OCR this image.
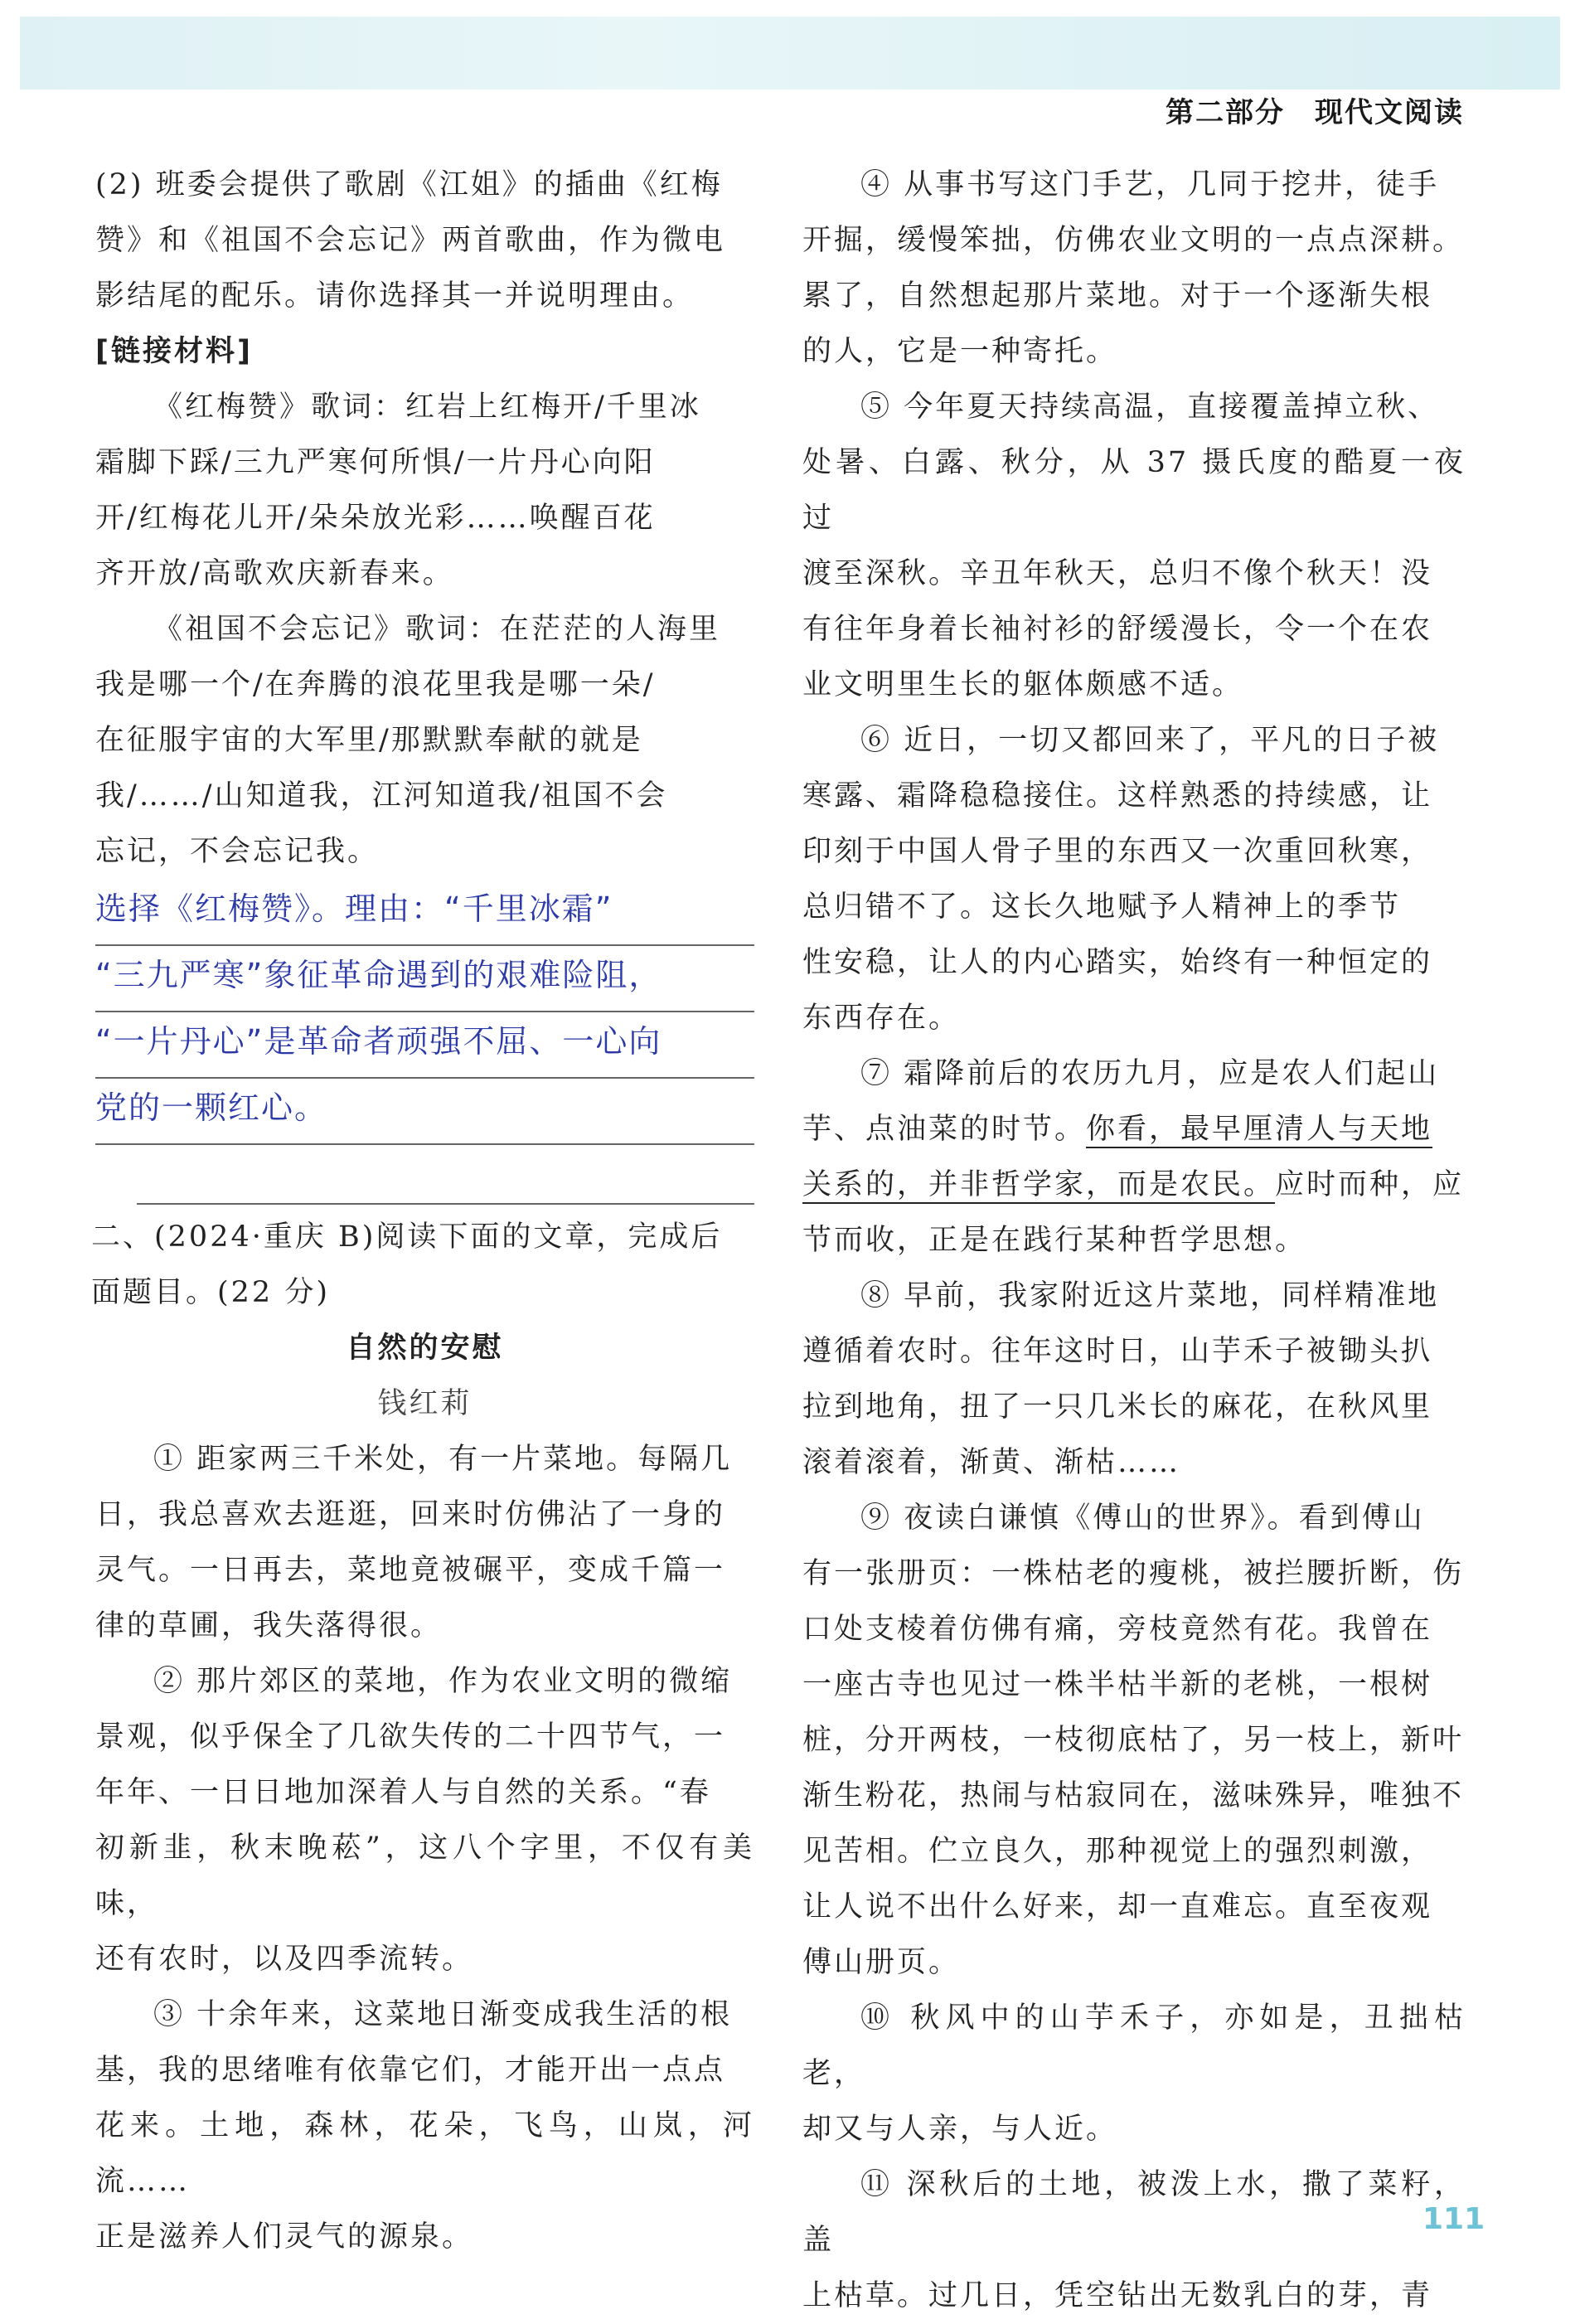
第二部分 现代文阅读

(2) 班委会提供了歌剧《江姐》的插曲《红梅

赞》和《祖国不会忘记》两首歌曲，作为微电

影结尾的配乐。请你选择其一并说明理由。

[链接材料]

《红梅赞》歌词：红岩上红梅开/千里冰

霜脚下踩/三九严寒何所惧/一片丹心向阳

开/红梅花儿开/朵朵放光彩……唤醒百花

齐开放/高歌欢庆新春来。

《祖国不会忘记》歌词：在茫茫的人海里

我是哪一个/在奔腾的浪花里我是哪一朵/

在征服宇宙的大军里/那默默奉献的就是

我/……/山知道我，江河知道我/祖国不会

忘记，不会忘记我。

选择《红梅赞》。理由：“千里冰霜”
“三九严寒”象征革命遇到的艰难险阻，
“一片丹心”是革命者顽强不屈、一心向
党的一颗红心。

二、(2024·重庆 B)阅读下面的文章，完成后

面题目。(22 分)

自然的安慰

钱红莉

① 距家两三千米处，有一片菜地。每隔几

日，我总喜欢去逛逛，回来时仿佛沾了一身的

灵气。一日再去，菜地竟被碾平，变成千篇一

律的草圃，我失落得很。

② 那片郊区的菜地，作为农业文明的微缩

景观，似乎保全了几欲失传的二十四节气，一

年年、一日日地加深着人与自然的关系。“春

初新韭，秋末晚菘”，这八个字里，不仅有美味，

还有农时，以及四季流转。

③ 十余年来，这菜地日渐变成我生活的根

基，我的思绪唯有依靠它们，才能开出一点点

花来。土地，森林，花朵，飞鸟，山岚，河流……

正是滋养人们灵气的源泉。

④ 从事书写这门手艺，几同于挖井，徒手

开掘，缓慢笨拙，仿佛农业文明的一点点深耕。

累了，自然想起那片菜地。对于一个逐渐失根

的人，它是一种寄托。

⑤ 今年夏天持续高温，直接覆盖掉立秋、

处暑、白露、秋分，从 37 摄氏度的酷夏一夜过

渡至深秋。辛丑年秋天，总归不像个秋天！没

有往年身着长袖衬衫的舒缓漫长，令一个在农

业文明里生长的躯体颇感不适。

⑥ 近日，一切又都回来了，平凡的日子被

寒露、霜降稳稳接住。这样熟悉的持续感，让

印刻于中国人骨子里的东西又一次重回秋寒，

总归错不了。这长久地赋予人精神上的季节

性安稳，让人的内心踏实，始终有一种恒定的

东西存在。

⑦ 霜降前后的农历九月，应是农人们起山

芋、点油菜的时节。你看，最早厘清人与天地

关系的，并非哲学家，而是农民。应时而种，应

节而收，正是在践行某种哲学思想。

⑧ 早前，我家附近这片菜地，同样精准地

遵循着农时。往年这时日，山芋禾子被锄头扒

拉到地角，扭了一只几米长的麻花，在秋风里

滚着滚着，渐黄、渐枯……

⑨ 夜读白谦慎《傅山的世界》。看到傅山

有一张册页：一株枯老的瘦桃，被拦腰折断，伤

口处支棱着仿佛有痛，旁枝竟然有花。我曾在

一座古寺也见过一株半枯半新的老桃，一根树

桩，分开两枝，一枝彻底枯了，另一枝上，新叶

渐生粉花，热闹与枯寂同在，滋味殊异，唯独不

见苦相。伫立良久，那种视觉上的强烈刺激，

让人说不出什么好来，却一直难忘。直至夜观

傅山册页。

⑩ 秋风中的山芋禾子，亦如是，丑拙枯老，

却又与人亲，与人近。

⑪ 深秋后的土地，被泼上水，撒了菜籽，盖

上枯草。过几日，凭空钻出无数乳白的芽，青

111
